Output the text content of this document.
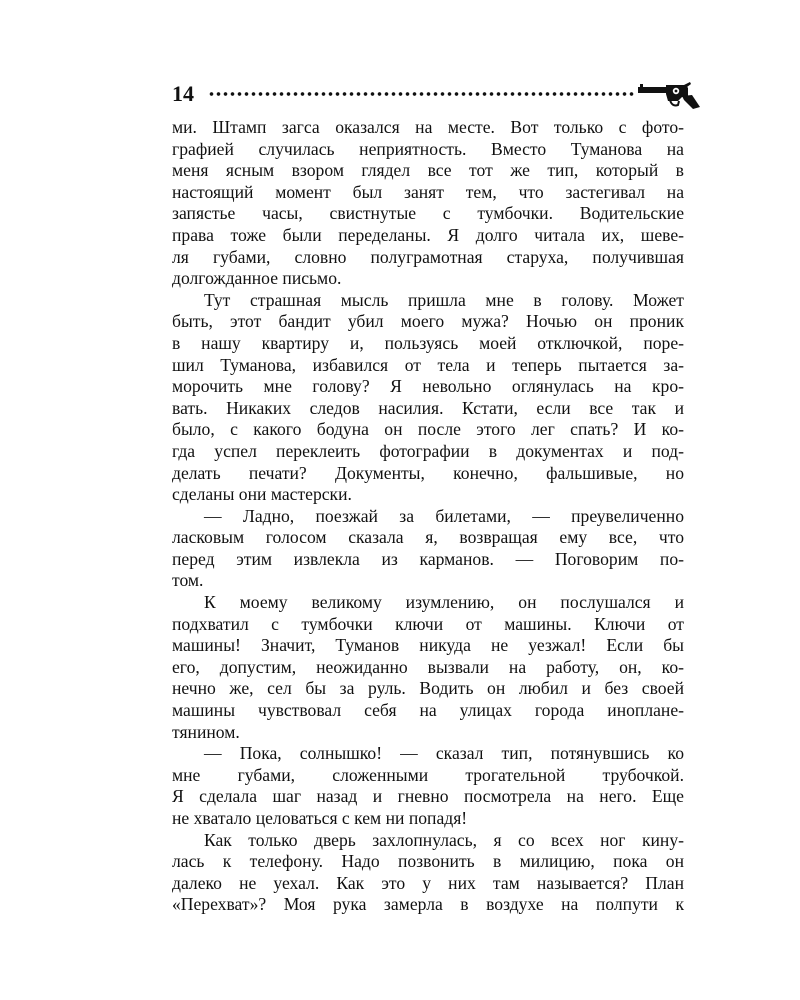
14

ми. Штамп загса оказался на месте. Вот только с фото-
графией случилась неприятность. Вместо Туманова на
меня ясным взором глядел все тот же тип, который в
настоящий момент был занят тем, что застегивал на
запястье часы, свистнутые с тумбочки. Водительские
права тоже были переделаны. Я долго читала их, шеве-
ля губами, словно полуграмотная старуха, получившая
долгожданное письмо.

Тут страшная мысль пришла мне в голову. Может
быть, этот бандит убил моего мужа? Ночью он проник
в нашу квартиру и, пользуясь моей отключкой, поре-
шил Туманова, избавился от тела и теперь пытается за-
морочить мне голову? Я невольно оглянулась на кро-
вать. Никаких следов насилия. Кстати, если все так и
было, с какого бодуна он после этого лег спать? И ко-
гда успел переклеить фотографии в документах и под-
делать печати? Документы, конечно, фальшивые, но
сделаны они мастерски.

— Ладно, поезжай за билетами, — преувеличенно
ласковым голосом сказала я, возвращая ему все, что
перед этим извлекла из карманов. — Поговорим по-
том.

К моему великому изумлению, он послушался и
подхватил с тумбочки ключи от машины. Ключи от
машины! Значит, Туманов никуда не уезжал! Если бы
его, допустим, неожиданно вызвали на работу, он, ко-
нечно же, сел бы за руль. Водить он любил и без своей
машины чувствовал себя на улицах города инопланe-
тянином.

— Пока, солнышко! — сказал тип, потянувшись ко
мне губами, сложенными трогательной трубочкой.
Я сделала шаг назад и гневно посмотрела на него. Еще
не хватало целоваться с кем ни попадя!

Как только дверь захлопнулась, я со всех ног кину-
лась к телефону. Надо позвонить в милицию, пока он
далеко не уехал. Как это у них там называется? План
«Перехват»? Моя рука замерла в воздухе на полпути к
